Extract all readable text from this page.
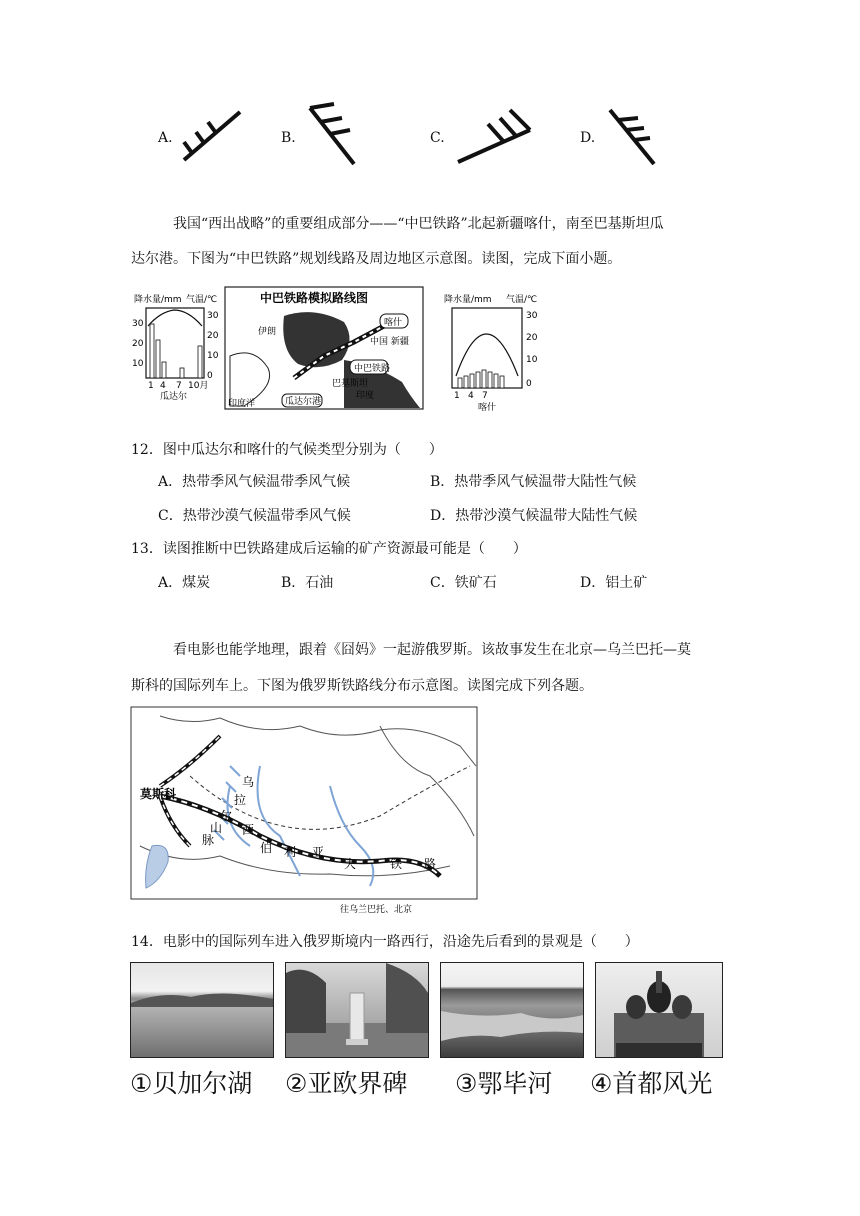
A.	B.	C.	D.
我国“西出战略”的重要组成部分——“中巴铁路”北起新疆喀什，南至巴基斯坦瓜
达尔港。下图为“中巴铁路”规划线路及周边地区示意图。读图，完成下面小题。
降水量/mm 气温/℃
30
20
10
30
20
10
0
1 4 7 10月
瓜达尔
中巴铁路模拟路线图
喀什
中国 新疆
中巴铁路
伊朗
巴基斯坦
印度
瓜达尔港
印度洋
降水量/mm 气温/℃
30
20
10
0
1 4 7
喀什
12．图中瓜达尔和喀什的气候类型分别为（　　）
A．热带季风气候温带季风气候	B．热带季风气候温带大陆性气候
C．热带沙漠气候温带季风气候	D．热带沙漠气候温带大陆性气候
13．读图推断中巴铁路建成后运输的矿产资源最可能是（　　）
A．煤炭	B．石油	C．铁矿石	D．铝土矿
看电影也能学地理，跟着《囧妈》一起游俄罗斯。该故事发生在北京—乌兰巴托—莫
斯科的国际列车上。下图为俄罗斯铁路线分布示意图。读图完成下列各题。
莫斯科
乌
拉
尔
山
脉
西
伯 利 亚
大	铁 路
往乌兰巴托、北京
14．电影中的国际列车进入俄罗斯境内一路西行，沿途先后看到的景观是（　　）
①贝加尔湖 ②亚欧界碑 ③鄂毕河 ④首都风光
